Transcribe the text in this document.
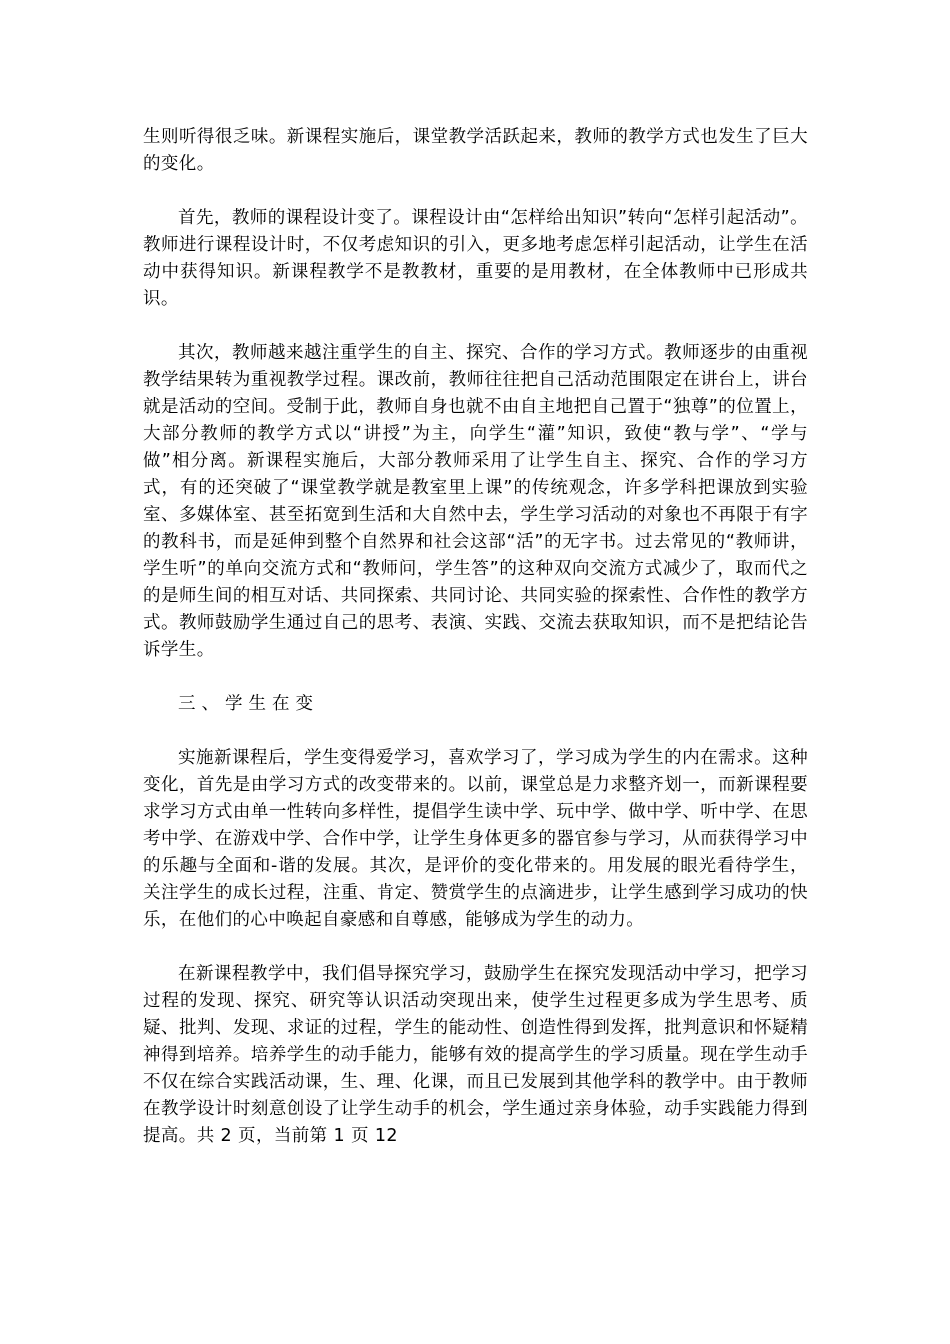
生则听得很乏味。新课程实施后，课堂教学活跃起来，教师的教学方式也发生了巨大的变化。

首先，教师的课程设计变了。课程设计由“怎样给出知识”转向“怎样引起活动”。教师进行课程设计时，不仅考虑知识的引入，更多地考虑怎样引起活动，让学生在活动中获得知识。新课程教学不是教教材，重要的是用教材，在全体教师中已形成共识。

其次，教师越来越注重学生的自主、探究、合作的学习方式。教师逐步的由重视教学结果转为重视教学过程。课改前，教师往往把自己活动范围限定在讲台上，讲台就是活动的空间。受制于此，教师自身也就不由自主地把自己置于“独尊”的位置上，大部分教师的教学方式以“讲授”为主，向学生“灌”知识，致使“教与学”、“学与做”相分离。新课程实施后，大部分教师采用了让学生自主、探究、合作的学习方式，有的还突破了“课堂教学就是教室里上课”的传统观念，许多学科把课放到实验室、多媒体室、甚至拓宽到生活和大自然中去，学生学习活动的对象也不再限于有字的教科书，而是延伸到整个自然界和社会这部“活”的无字书。过去常见的“教师讲，学生听”的单向交流方式和“教师问，学生答”的这种双向交流方式减少了，取而代之的是师生间的相互对话、共同探索、共同讨论、共同实验的探索性、合作性的教学方式。教师鼓励学生通过自己的思考、表演、实践、交流去获取知识，而不是把结论告诉学生。

三、学生在变

实施新课程后，学生变得爱学习，喜欢学习了，学习成为学生的内在需求。这种变化，首先是由学习方式的改变带来的。以前，课堂总是力求整齐划一，而新课程要求学习方式由单一性转向多样性，提倡学生读中学、玩中学、做中学、听中学、在思考中学、在游戏中学、合作中学，让学生身体更多的器官参与学习，从而获得学习中的乐趣与全面和-谐的发展。其次，是评价的变化带来的。用发展的眼光看待学生，关注学生的成长过程，注重、肯定、赞赏学生的点滴进步，让学生感到学习成功的快乐，在他们的心中唤起自豪感和自尊感，能够成为学生的动力。

在新课程教学中，我们倡导探究学习，鼓励学生在探究发现活动中学习，把学习过程的发现、探究、研究等认识活动突现出来，使学生过程更多成为学生思考、质疑、批判、发现、求证的过程，学生的能动性、创造性得到发挥，批判意识和怀疑精神得到培养。培养学生的动手能力，能够有效的提高学生的学习质量。现在学生动手不仅在综合实践活动课，生、理、化课，而且已发展到其他学科的教学中。由于教师在教学设计时刻意创设了让学生动手的机会，学生通过亲身体验，动手实践能力得到提高。共 2 页，当前第 1 页 12
